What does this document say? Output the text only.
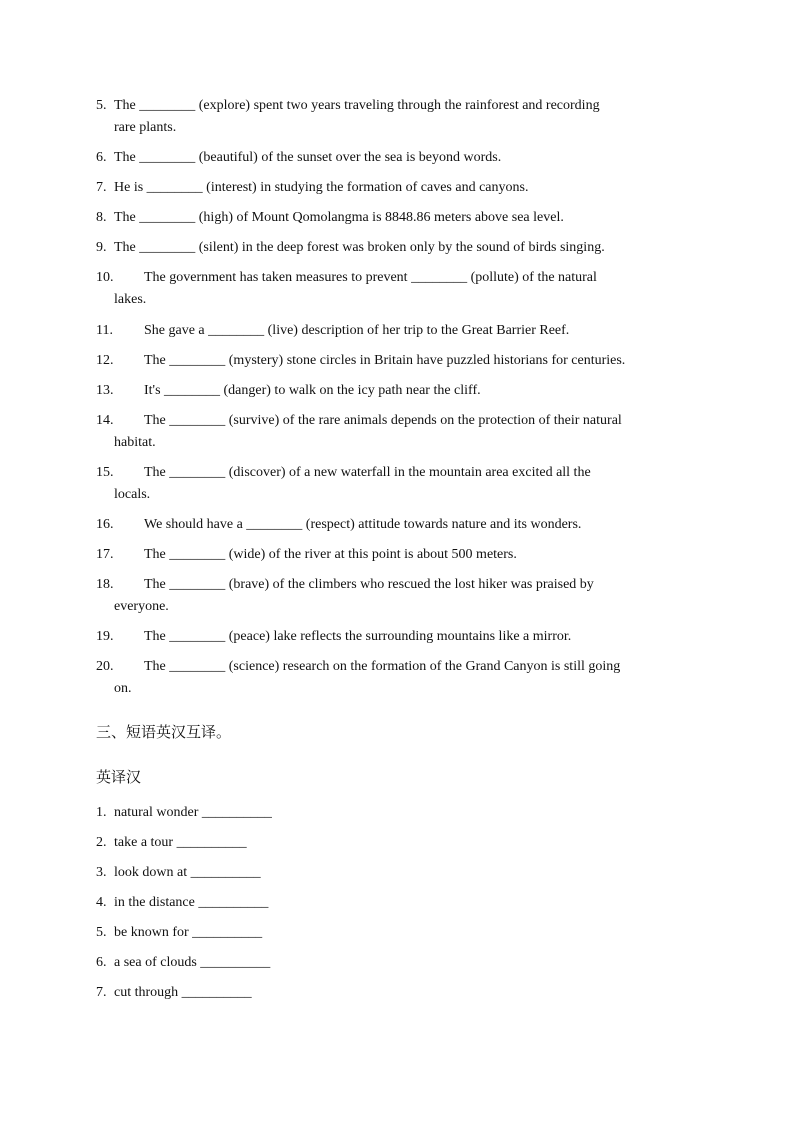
5. The ________ (explore) spent two years traveling through the rainforest and recording
rare plants.
6. The ________ (beautiful) of the sunset over the sea is beyond words.
7. He is ________ (interest) in studying the formation of caves and canyons.
8. The ________ (high) of Mount Qomolangma is 8848.86 meters above sea level.
9. The ________ (silent) in the deep forest was broken only by the sound of birds singing.
10. The government has taken measures to prevent ________ (pollute) of the natural
lakes.
11. She gave a ________ (live) description of her trip to the Great Barrier Reef.
12. The ________ (mystery) stone circles in Britain have puzzled historians for centuries.
13. It's ________ (danger) to walk on the icy path near the cliff.
14. The ________ (survive) of the rare animals depends on the protection of their natural
habitat.
15. The ________ (discover) of a new waterfall in the mountain area excited all the
locals.
16. We should have a ________ (respect) attitude towards nature and its wonders.
17. The ________ (wide) of the river at this point is about 500 meters.
18. The ________ (brave) of the climbers who rescued the lost hiker was praised by
everyone.
19. The ________ (peace) lake reflects the surrounding mountains like a mirror.
20. The ________ (science) research on the formation of the Grand Canyon is still going
on.
三、短语英汉互译。
英译汉
1. natural wonder __________
2. take a tour __________
3. look down at __________
4. in the distance __________
5. be known for __________
6. a sea of clouds __________
7. cut through __________
